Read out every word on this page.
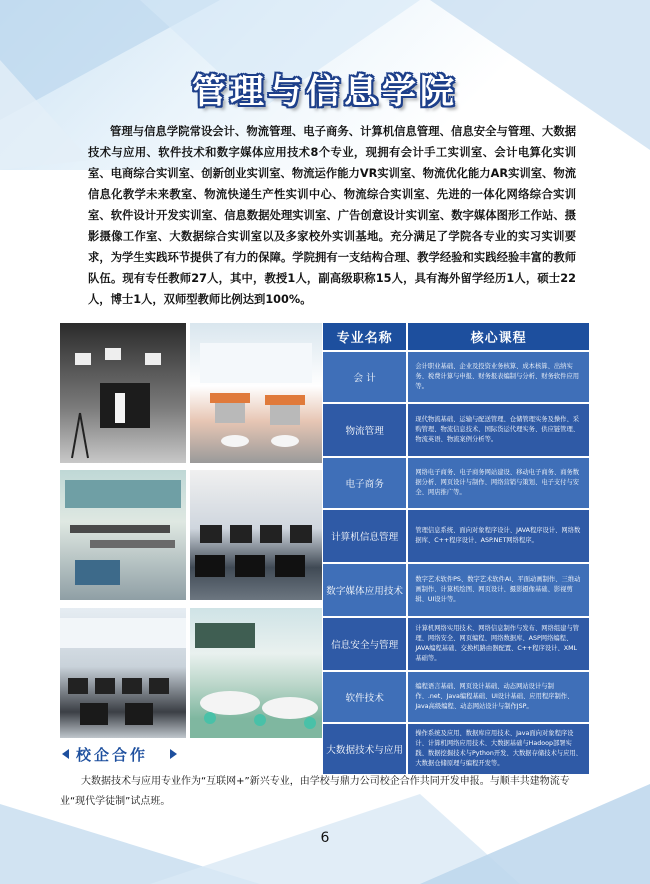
管理与信息学院
管理与信息学院常设会计、物流管理、电子商务、计算机信息管理、信息安全与管理、大数据技术与应用、软件技术和数字媒体应用技术8个专业，现拥有会计手工实训室、会计电算化实训室、电商综合实训室、创新创业实训室、物流运作能力VR实训室、物流优化能力AR实训室、物流信息化教学未来教室、物流快递生产性实训中心、物流综合实训室、先进的一体化网络综合实训室、软件设计开发实训室、信息数据处理实训室、广告创意设计实训室、数字媒体图形工作站、摄影摄像工作室、大数据综合实训室以及多家校外实训基地。充分满足了学院各专业的实习实训要求，为学生实践环节提供了有力的保障。学院拥有一支结构合理、教学经验和实践经验丰富的教师队伍。现有专任教师27人，其中，教授1人，副高级职称15人，具有海外留学经历1人，硕士22人，博士1人，双师型教师比例达到100%。
专业名称	核心课程
会 计
会计职业基础、企业及投资业务核算、成本核算、出纳实务、税费计算与申报、财务报表编制与分析、财务软件应用等。
物流管理
现代物流基础、运输与配送管理、仓储管理实务及操作、采购管理、物流信息技术、国际货运代理实务、供应链管理、物流英语、物流案例分析等。
电子商务
网络电子商务、电子商务网站建设、移动电子商务、商务数据分析、网页设计与制作、网络营销与策划、电子支付与安全、网店推广等。
计算机信息管理
管理信息系统、面向对象程序设计、JAVA程序设计、网络数据库、C++程序设计、ASP.NET网络程序。
数字媒体应用技术
数字艺术软件PS、数字艺术软件AI、平面动画制作、三维动画制作、计算机绘图、网页设计、摄影摄像基础、影视剪辑、UI设计等。
信息安全与管理
计算机网络实用技术、网络信息制作与发布、网络组建与管理、网络安全、网页编程、网络数据库、ASP网络编程、JAVA编程基础、交换机路由器配置、C++程序设计、XML基础等。
软件技术
编程语言基础、网页设计基础、动态网站设计与制作、.net、Java编程基础、UI设计基础、应用程序制作、Java高级编程、动态网站设计与制作JSP。
大数据技术与应用
操作系统及应用、数据库应用技术、Java面向对象程序设计、计算机网络应用技术、大数据基础与Hadoop部署实践、数据挖掘技术与Python开发、大数据存储技术与应用、大数据仓储原理与编程开发等。
校企合作
大数据技术与应用专业作为“互联网+”新兴专业，由学校与鼎力公司校企合作共同开发申报。与顺丰共建物流专业“现代学徒制”试点班。
6
